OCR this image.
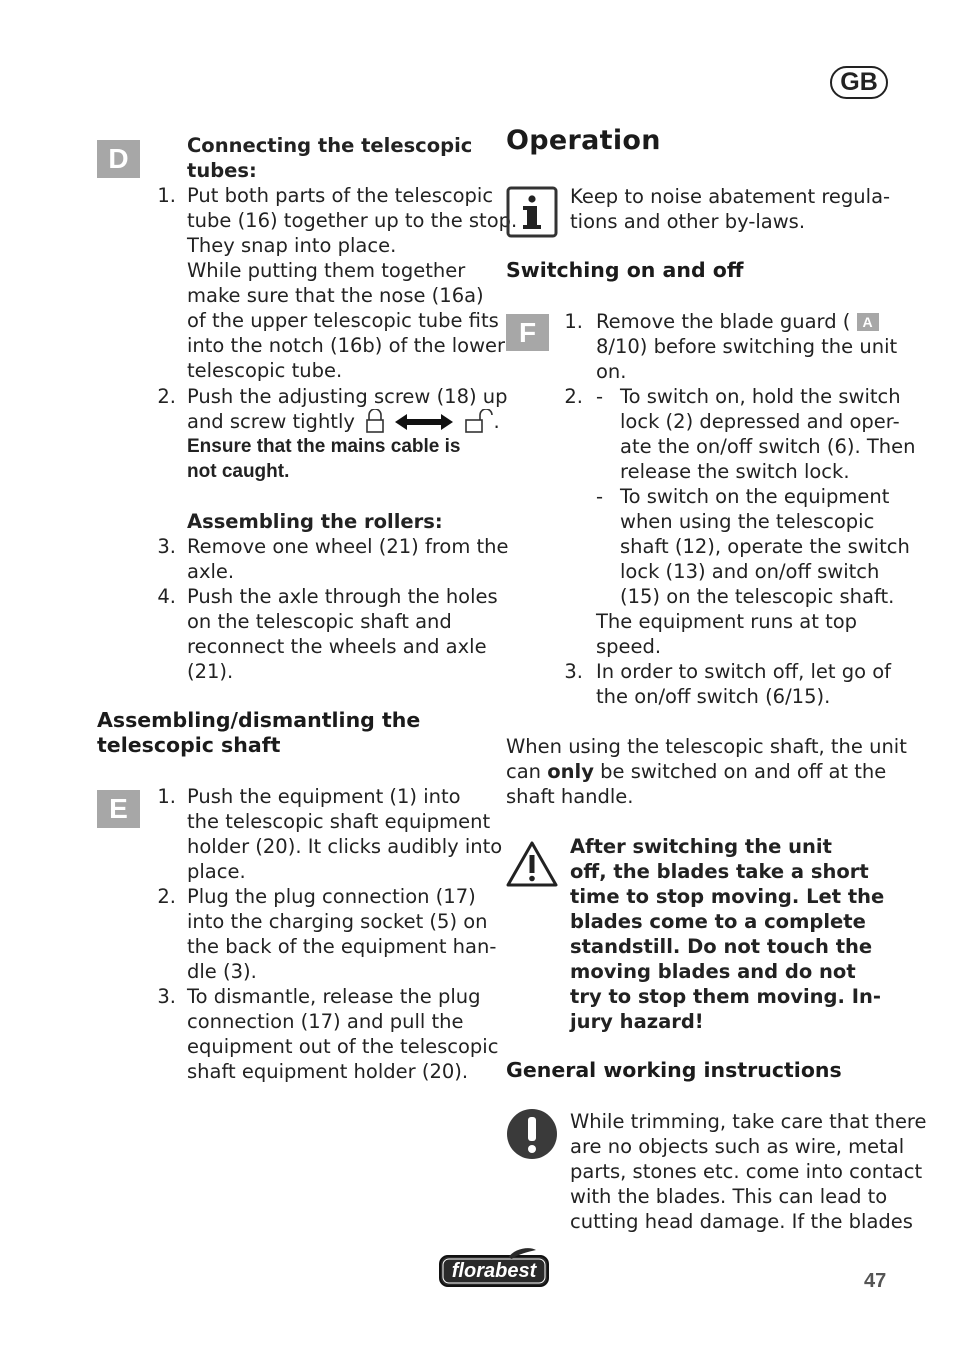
GB
D	Connecting the telescopic
tubes:
1. Put both parts of the telescopic
tube (16) together up to the stop.
They snap into place.
While putting them together
make sure that the nose (16a)
of the upper telescopic tube fits
into the notch (16b) of the lower
telescopic tube.
2. Push the adjusting screw (18) up
and screw tightly	.
Ensure that the mains cable is
not caught.
Assembling the rollers:
3. Remove one wheel (21) from the
axle.
4. Push the axle through the holes
on the telescopic shaft and
reconnect the wheels and axle
(21).
Assembling/dismantling the
telescopic shaft
E	1. Push the equipment (1) into
the telescopic shaft equipment
holder (20). It clicks audibly into
place.
2. Plug the plug connection (17)
into the charging socket (5) on
the back of the equipment han-
dle (3).
3. To dismantle, release the plug
connection (17) and pull the
equipment out of the telescopic
shaft equipment holder (20).
Operation
Keep to noise abatement regula-
tions and other by-laws.
Switching on and off
F	1. Remove the blade guard ( A
8/10) before switching the unit
on.
2. - To switch on, hold the switch
lock (2) depressed and oper-
ate the on/off switch (6). Then
release the switch lock.
- To switch on the equipment
when using the telescopic
shaft (12), operate the switch
lock (13) and on/off switch
(15) on the telescopic shaft.
The equipment runs at top
speed.
3. In order to switch off, let go of
the on/off switch (6/15).
When using the telescopic shaft, the unit
can only be switched on and off at the
shaft handle.
After switching the unit
off, the blades take a short
time to stop moving. Let the
blades come to a complete
standstill. Do not touch the
moving blades and do not
try to stop them moving. In-
jury hazard!
General working instructions
While trimming, take care that there
are no objects such as wire, metal
parts, stones etc. come into contact
with the blades. This can lead to
cutting head damage. If the blades
florabest	47
